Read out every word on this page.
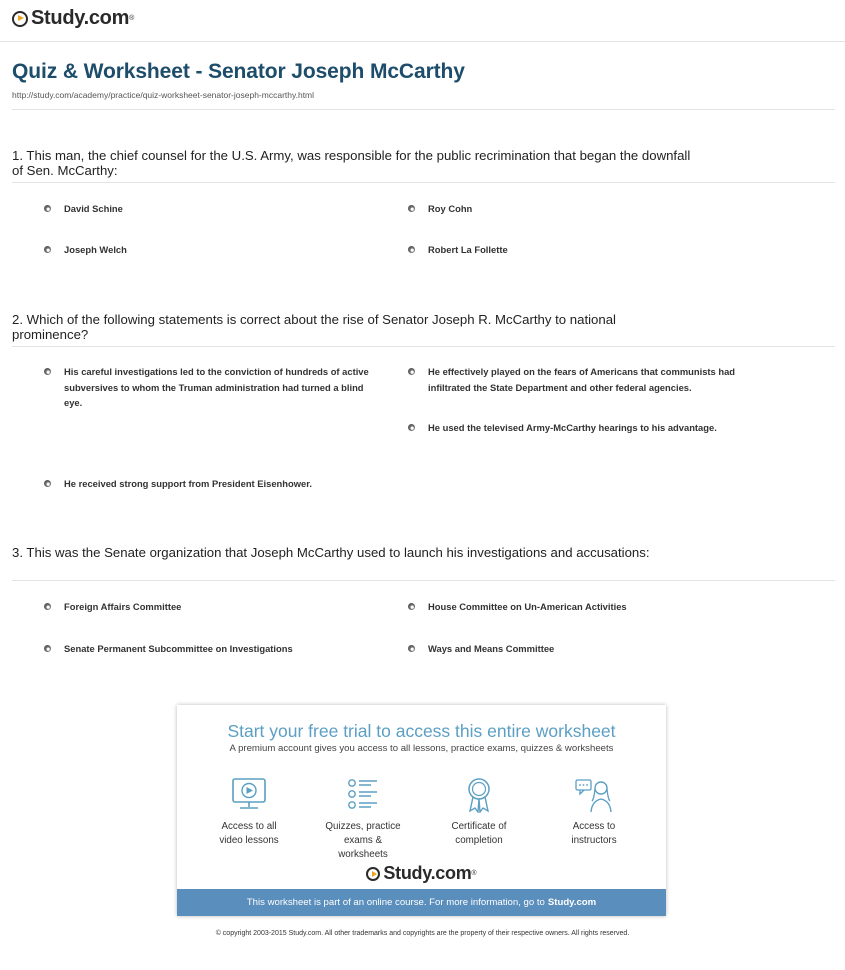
Study.com ®
Quiz & Worksheet - Senator Joseph McCarthy
http://study.com/academy/practice/quiz-worksheet-senator-joseph-mccarthy.html
1. This man, the chief counsel for the U.S. Army, was responsible for the public recrimination that began the downfall of Sen. McCarthy:
David Schine	Roy Cohn
Joseph Welch	Robert La Follette
2. Which of the following statements is correct about the rise of Senator Joseph R. McCarthy to national prominence?
His careful investigations led to the conviction of hundreds of active subversives to whom the Truman administration had turned a blind eye.
He effectively played on the fears of Americans that communists had infiltrated the State Department and other federal agencies.
He used the televised Army-McCarthy hearings to his advantage.
He received strong support from President Eisenhower.
3. This was the Senate organization that Joseph McCarthy used to launch his investigations and accusations:
Foreign Affairs Committee	House Committee on Un-American Activities
Senate Permanent Subcommittee on Investigations	Ways and Means Committee
Start your free trial to access this entire worksheet
A premium account gives you access to all lessons, practice exams, quizzes & worksheets
Access to all
video lessons
Quizzes, practice
exams & worksheets
Certificate of
completion
Access to
instructors
Study.com ®
This worksheet is part of an online course. For more information, go to Study.com
© copyright 2003-2015 Study.com. All other trademarks and copyrights are the property of their respective owners. All rights reserved.
